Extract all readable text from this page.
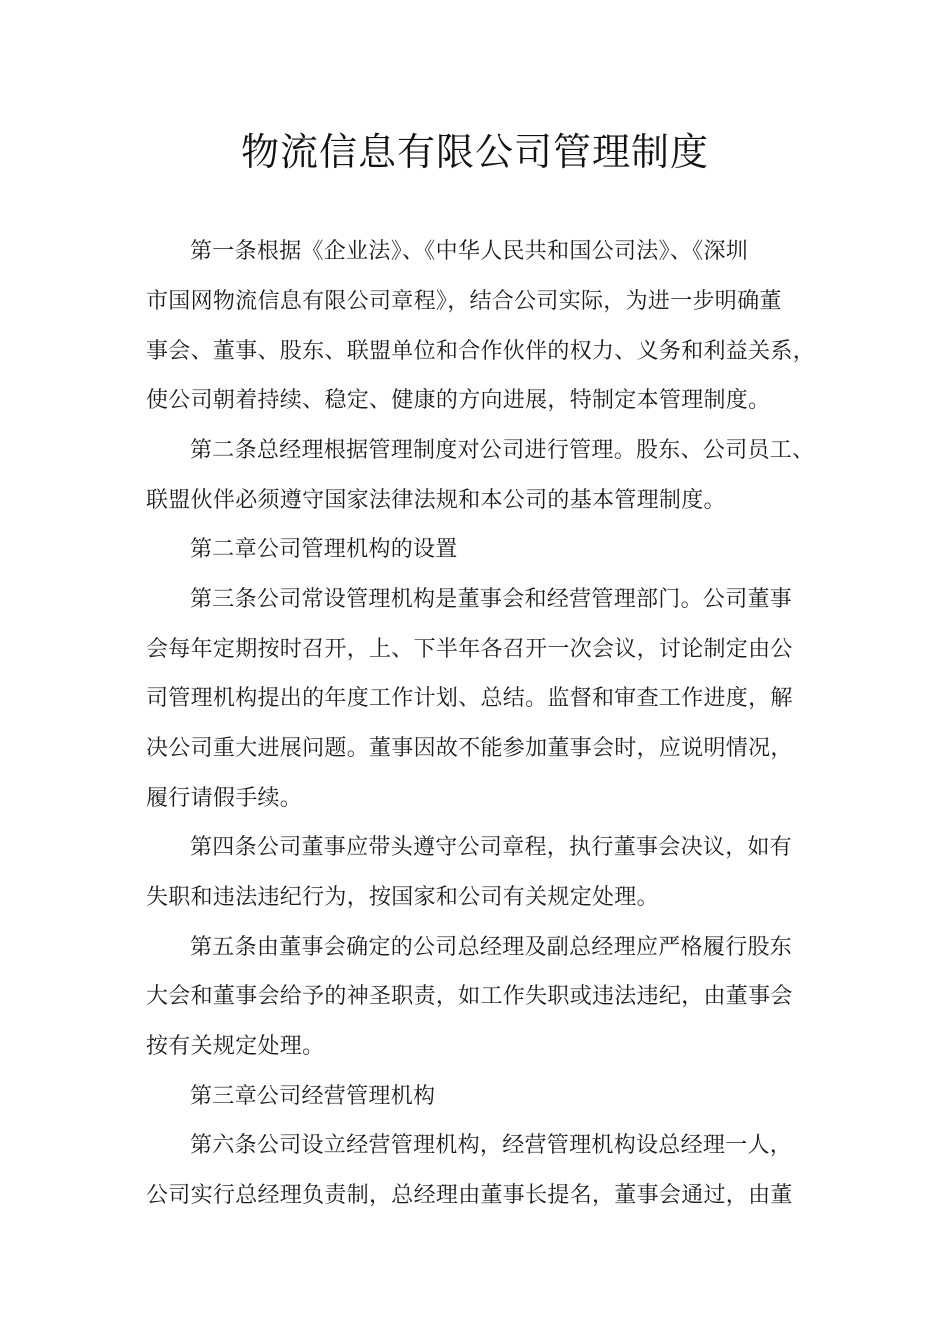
物流信息有限公司管理制度

第一条根据《企业法》、《中华人民共和国公司法》、《深圳

市国网物流信息有限公司章程》，结合公司实际，为进一步明确董

事会、董事、股东、联盟单位和合作伙伴的权力、义务和利益关系，

使公司朝着持续、稳定、健康的方向进展，特制定本管理制度。

第二条总经理根据管理制度对公司进行管理。股东、公司员工、

联盟伙伴必须遵守国家法律法规和本公司的基本管理制度。

第二章公司管理机构的设置

第三条公司常设管理机构是董事会和经营管理部门。公司董事

会每年定期按时召开，上、下半年各召开一次会议，讨论制定由公

司管理机构提出的年度工作计划、总结。监督和审查工作进度，解

决公司重大进展问题。董事因故不能参加董事会时，应说明情况，

履行请假手续。

第四条公司董事应带头遵守公司章程，执行董事会决议，如有

失职和违法违纪行为，按国家和公司有关规定处理。

第五条由董事会确定的公司总经理及副总经理应严格履行股东

大会和董事会给予的神圣职责，如工作失职或违法违纪，由董事会

按有关规定处理。

第三章公司经营管理机构

第六条公司设立经营管理机构，经营管理机构设总经理一人，

公司实行总经理负责制，总经理由董事长提名，董事会通过，由董
